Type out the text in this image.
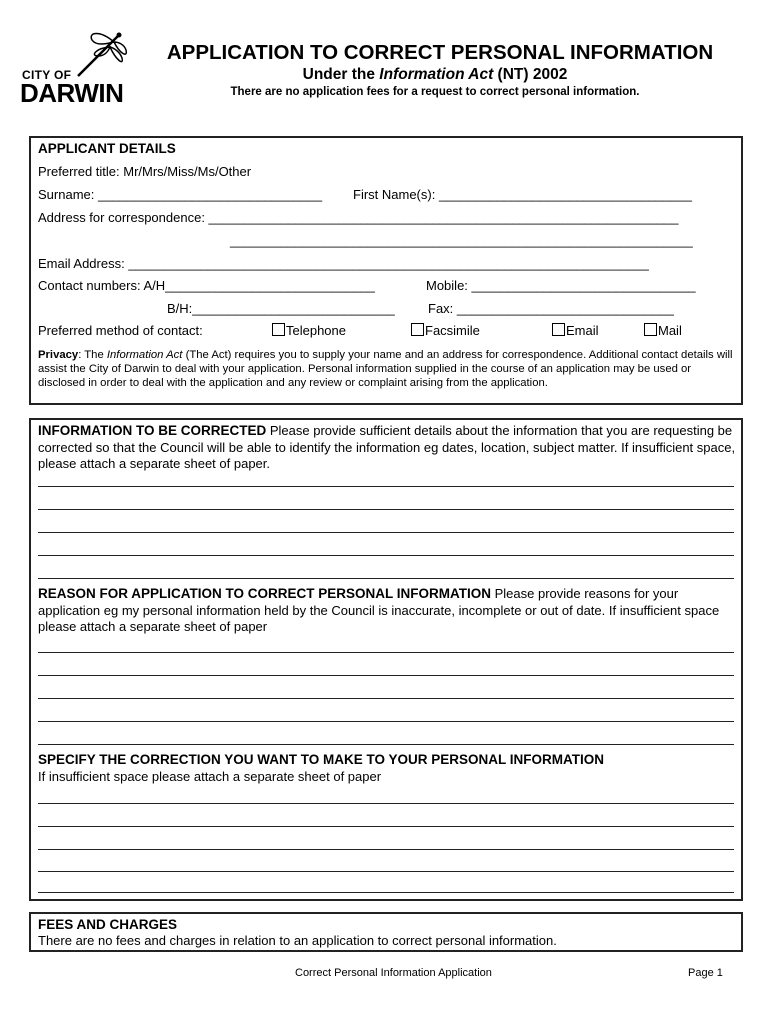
CITY OF
DARWIN
APPLICATION TO CORRECT PERSONAL INFORMATION
Under the Information Act (NT) 2002
There are no application fees for a request to correct personal information.
APPLICANT DETAILS
Preferred title: Mr/Mrs/Miss/Ms/Other
Surname: _______________________________ First Name(s): ___________________________________
Address for correspondence: _________________________________________________________________
________________________________________________________________
Email Address: ________________________________________________________________________
Contact numbers: A/H_____________________________	Mobile: _______________________________
B/H:____________________________	Fax: ______________________________
Preferred method of contact:	Telephone	Facsimile	Email	Mail
Privacy: The Information Act (The Act) requires you to supply your name and an address for correspondence. Additional contact details will assist the City of Darwin to deal with your application. Personal information supplied in the course of an application may be used or disclosed in order to deal with the application and any review or complaint arising from the application.
INFORMATION TO BE CORRECTED Please provide sufficient details about the information that you are requesting be corrected so that the Council will be able to identify the information eg dates, location, subject matter. If insufficient space, please attach a separate sheet of paper.
REASON FOR APPLICATION TO CORRECT PERSONAL INFORMATION Please provide reasons for your application eg my personal information held by the Council is inaccurate, incomplete or out of date. If insufficient space please attach a separate sheet of paper
SPECIFY THE CORRECTION YOU WANT TO MAKE TO YOUR PERSONAL INFORMATION
If insufficient space please attach a separate sheet of paper
FEES AND CHARGES
There are no fees and charges in relation to an application to correct personal information.
Correct Personal Information Application	Page 1
